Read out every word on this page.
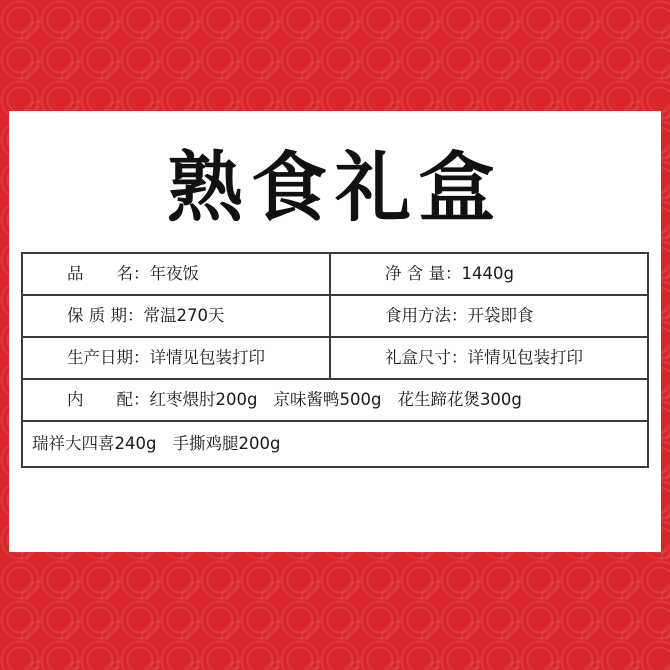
熟食礼盒
品　　名：年夜饭	净 含 量：1440g
保 质 期：常温270天	食用方法：开袋即食
生产日期：详情见包装打印	礼盒尺寸：详情见包装打印
内　　配：红枣煨肘200g 京味酱鸭500g 花生蹄花煲300g
瑞祥大四喜240g 手撕鸡腿200g
